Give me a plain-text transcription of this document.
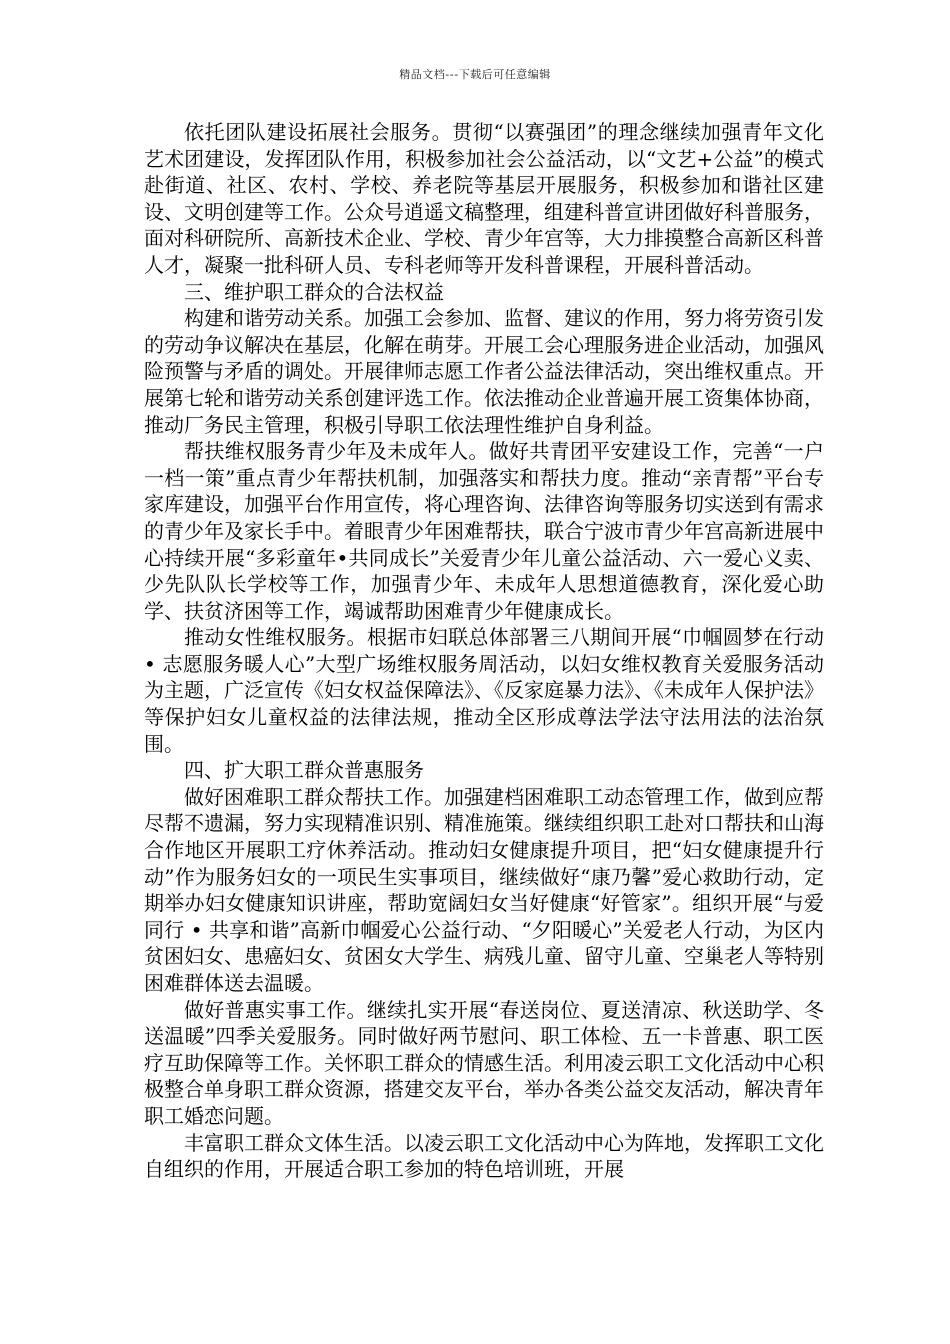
精品文档---下载后可任意编辑

依托团队建设拓展社会服务。贯彻“以赛强团”的理念继续加强青年文化艺术团建设，发挥团队作用，积极参加社会公益活动，以“文艺+公益”的模式赴街道、社区、农村、学校、养老院等基层开展服务，积极参加和谐社区建设、文明创建等工作。公众号逍遥文稿整理，组建科普宣讲团做好科普服务，面对科研院所、高新技术企业、学校、青少年宫等，大力排摸整合高新区科普人才，凝聚一批科研人员、专科老师等开发科普课程，开展科普活动。

三、维护职工群众的合法权益

构建和谐劳动关系。加强工会参加、监督、建议的作用，努力将劳资引发的劳动争议解决在基层，化解在萌芽。开展工会心理服务进企业活动，加强风险预警与矛盾的调处。开展律师志愿工作者公益法律活动，突出维权重点。开展第七轮和谐劳动关系创建评选工作。依法推动企业普遍开展工资集体协商，推动厂务民主管理，积极引导职工依法理性维护自身利益。

帮扶维权服务青少年及未成年人。做好共青团平安建设工作，完善“一户一档一策”重点青少年帮扶机制，加强落实和帮扶力度。推动“亲青帮”平台专家库建设，加强平台作用宣传，将心理咨询、法律咨询等服务切实送到有需求的青少年及家长手中。着眼青少年困难帮扶，联合宁波市青少年宫高新进展中心持续开展“多彩童年•共同成长”关爱青少年儿童公益活动、六一爱心义卖、少先队队长学校等工作，加强青少年、未成年人思想道德教育，深化爱心助学、扶贫济困等工作，竭诚帮助困难青少年健康成长。

推动女性维权服务。根据市妇联总体部署三八期间开展“巾帼圆梦在行动 • 志愿服务暖人心”大型广场维权服务周活动，以妇女维权教育关爱服务活动为主题，广泛宣传《妇女权益保障法》、《反家庭暴力法》、《未成年人保护法》等保护妇女儿童权益的法律法规，推动全区形成尊法学法守法用法的法治氛围。

四、扩大职工群众普惠服务

做好困难职工群众帮扶工作。加强建档困难职工动态管理工作，做到应帮尽帮不遗漏，努力实现精准识别、精准施策。继续组织职工赴对口帮扶和山海合作地区开展职工疗休养活动。推动妇女健康提升项目，把“妇女健康提升行动”作为服务妇女的一项民生实事项目，继续做好“康乃馨”爱心救助行动，定期举办妇女健康知识讲座，帮助宽阔妇女当好健康“好管家”。组织开展“与爱同行 • 共享和谐”高新巾帼爱心公益行动、“夕阳暖心”关爱老人行动，为区内贫困妇女、患癌妇女、贫困女大学生、病残儿童、留守儿童、空巢老人等特别困难群体送去温暖。

做好普惠实事工作。继续扎实开展“春送岗位、夏送清凉、秋送助学、冬送温暖”四季关爱服务。同时做好两节慰问、职工体检、五一卡普惠、职工医疗互助保障等工作。关怀职工群众的情感生活。利用凌云职工文化活动中心积极整合单身职工群众资源，搭建交友平台，举办各类公益交友活动，解决青年职工婚恋问题。

丰富职工群众文体生活。以凌云职工文化活动中心为阵地，发挥职工文化自组织的作用，开展适合职工参加的特色培训班，开展
